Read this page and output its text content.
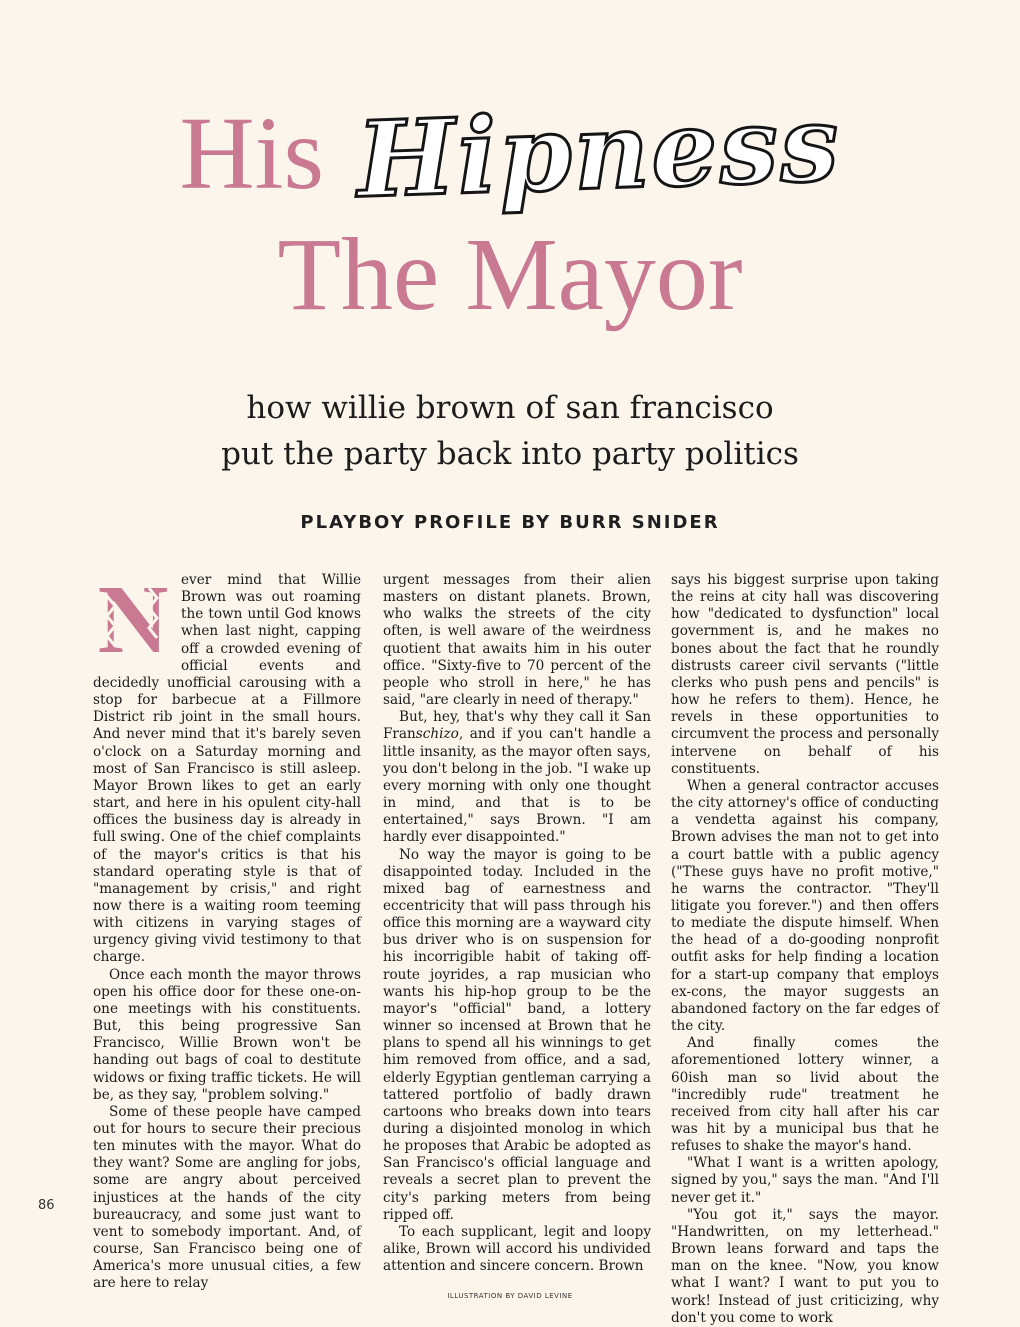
His Hipness
The Mayor
how willie brown of san francisco
put the party back into party politics
PLAYBOY PROFILE BY BURR SNIDER
N ever mind that Willie Brown was out roaming the town until God knows when last night, capping off a crowded evening of official events and decidedly unofficial carousing with a stop for barbecue at a Fillmore District rib joint in the small hours. And never mind that it's barely seven o'clock on a Saturday morning and most of San Francisco is still asleep. Mayor Brown likes to get an early start, and here in his opulent city-hall offices the business day is already in full swing. One of the chief complaints of the mayor's critics is that his standard operating style is that of "management by crisis," and right now there is a waiting room teeming with citizens in varying stages of urgency giving vivid testimony to that charge.

Once each month the mayor throws open his office door for these one-on-one meetings with his constituents. But, this being progressive San Francisco, Willie Brown won't be handing out bags of coal to destitute widows or fixing traffic tickets. He will be, as they say, "problem solving."

Some of these people have camped out for hours to secure their precious ten minutes with the mayor. What do they want? Some are angling for jobs, some are angry about perceived injustices at the hands of the city bureaucracy, and some just want to vent to somebody important. And, of course, San Francisco being one of America's more unusual cities, a few are here to relay

urgent messages from their alien masters on distant planets. Brown, who walks the streets of the city often, is well aware of the weirdness quotient that awaits him in his outer office. "Sixty-five to 70 percent of the people who stroll in here," he has said, "are clearly in need of therapy."

But, hey, that's why they call it San Franschizo, and if you can't handle a little insanity, as the mayor often says, you don't belong in the job. "I wake up every morning with only one thought in mind, and that is to be entertained," says Brown. "I am hardly ever disappointed."

No way the mayor is going to be disappointed today. Included in the mixed bag of earnestness and eccentricity that will pass through his office this morning are a wayward city bus driver who is on suspension for his incorrigible habit of taking off-route joyrides, a rap musician who wants his hip-hop group to be the mayor's "official" band, a lottery winner so incensed at Brown that he plans to spend all his winnings to get him removed from office, and a sad, elderly Egyptian gentleman carrying a tattered portfolio of badly drawn cartoons who breaks down into tears during a disjointed monolog in which he proposes that Arabic be adopted as San Francisco's official language and reveals a secret plan to prevent the city's parking meters from being ripped off.

To each supplicant, legit and loopy alike, Brown will accord his undivided attention and sincere concern. Brown

says his biggest surprise upon taking the reins at city hall was discovering how "dedicated to dysfunction" local government is, and he makes no bones about the fact that he roundly distrusts career civil servants ("little clerks who push pens and pencils" is how he refers to them). Hence, he revels in these opportunities to circumvent the process and personally intervene on behalf of his constituents.

When a general contractor accuses the city attorney's office of conducting a vendetta against his company, Brown advises the man not to get into a court battle with a public agency ("These guys have no profit motive," he warns the contractor. "They'll litigate you forever.") and then offers to mediate the dispute himself. When the head of a do-gooding nonprofit outfit asks for help finding a location for a start-up company that employs ex-cons, the mayor suggests an abandoned factory on the far edges of the city.

And finally comes the aforementioned lottery winner, a 60ish man so livid about the "incredibly rude" treatment he received from city hall after his car was hit by a municipal bus that he refuses to shake the mayor's hand.

"What I want is a written apology, signed by you," says the man. "And I'll never get it."

"You got it," says the mayor. "Handwritten, on my letterhead." Brown leans forward and taps the man on the knee. "Now, you know what I want? I want to put you to work! Instead of just criticizing, why don't you come to work

86
ILLUSTRATION BY DAVID LEVINE
